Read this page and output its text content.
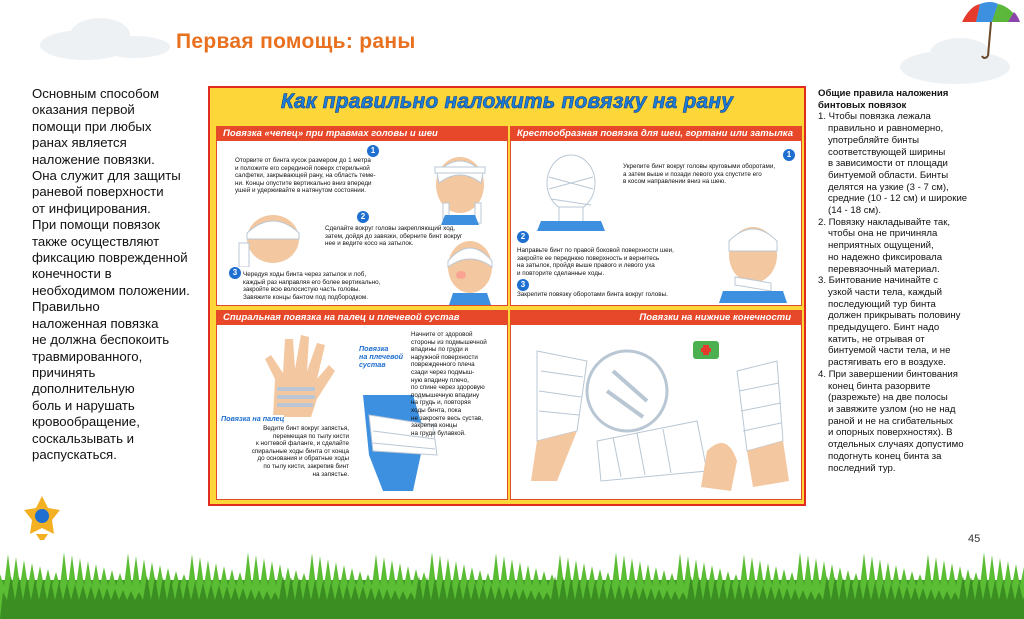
Первая помощь: раны
Основным способом
оказания первой
помощи при любых
ранах является
наложение повязки.
Она служит для защиты
раневой поверхности
от инфицирования.
При помощи повязок
также осуществляют
фиксацию поврежденной
конечности в
необходимом положении.
Правильно
наложенная повязка
не должна беспокоить
травмированного,
причинять
дополнительную
боль и нарушать
кровообращение,
соскальзывать и
распускаться.
Как правильно наложить повязку на рану
Повязка «чепец» при травмах головы и шеи
Оторвите от бинта кусок размером до 1 метра
и положите его серединой поверх стерильной
салфетки, закрывающей рану, на область теме-
ни. Концы опустите вертикально вниз впереди
ушей и удерживайте в натянутом состоянии.
1
Сделайте вокруг головы закрепляющий ход,
затем, дойдя до завязки, оберните бинт вокруг
нее и ведите косо на затылок.
2
Чередуя ходы бинта через затылок и лоб,
каждый раз направляя его более вертикально,
закройте всю волосистую часть головы.
Завяжите концы бантом под подбородком.
3
Крестообразная повязка для шеи, гортани или затылка
Укрепите бинт вокруг головы круговыми оборотами,
а затем выше и позади левого уха спустите его
в косом направлении вниз на шею.
1
Направьте бинт по правой боковой поверхности шеи,
закройте ее переднюю поверхность и вернитесь
на затылок, пройдя выше правого и левого уха
и повторите сделанные ходы.
2
Закрепите повязку оборотами бинта вокруг головы.
3
Спиральная повязка на палец и плечевой сустав
Повязка на палец
Ведите бинт вокруг запястья,
перемещая по тылу кисти
к ногтевой фаланге, и сделайте
спиральные ходы бинта от конца
до основания и обратные ходы
по тылу кисти, закрепив бинт
на запястье.
Повязка
на плечевой
сустав
Начните от здоровой
стороны из подмышечной
впадины по груди и
наружной поверхности
поврежденного плеча
сзади через подмыш-
ную впадину плечо,
по спине через здоровую
подмышечную впадину
на грудь и, повторяя
ходы бинта, пока
не закроете весь сустав,
закрепив концы
на груди булавкой.
Повязки на нижние конечности
Общие правила наложения
бинтовых повязок
1. Чтобы повязка лежала
правильно и равномерно,
употребляйте бинты
соответствующей ширины
в зависимости от площади
бинтуемой области. Бинты
делятся на узкие (3 - 7 см),
средние (10 - 12 см) и широкие
(14 - 18 см).
2. Повязку накладывайте так,
чтобы она не причиняла
неприятных ощущений,
но надежно фиксировала
перевязочный материал.
3. Бинтование начинайте с
узкой части тела, каждый
последующий тур бинта
должен прикрывать половину
предыдущего. Бинт надо
катить, не отрывая от
бинтуемой части тела, и не
растягивать его в воздухе.
4. При завершении бинтования
конец бинта разорвите
(разрежьте) на две полосы
и завяжите узлом (но не над
раной и не на сгибательных
и опорных поверхностях). В
отдельных случаях допустимо
подогнуть конец бинта за
последний тур.
45
